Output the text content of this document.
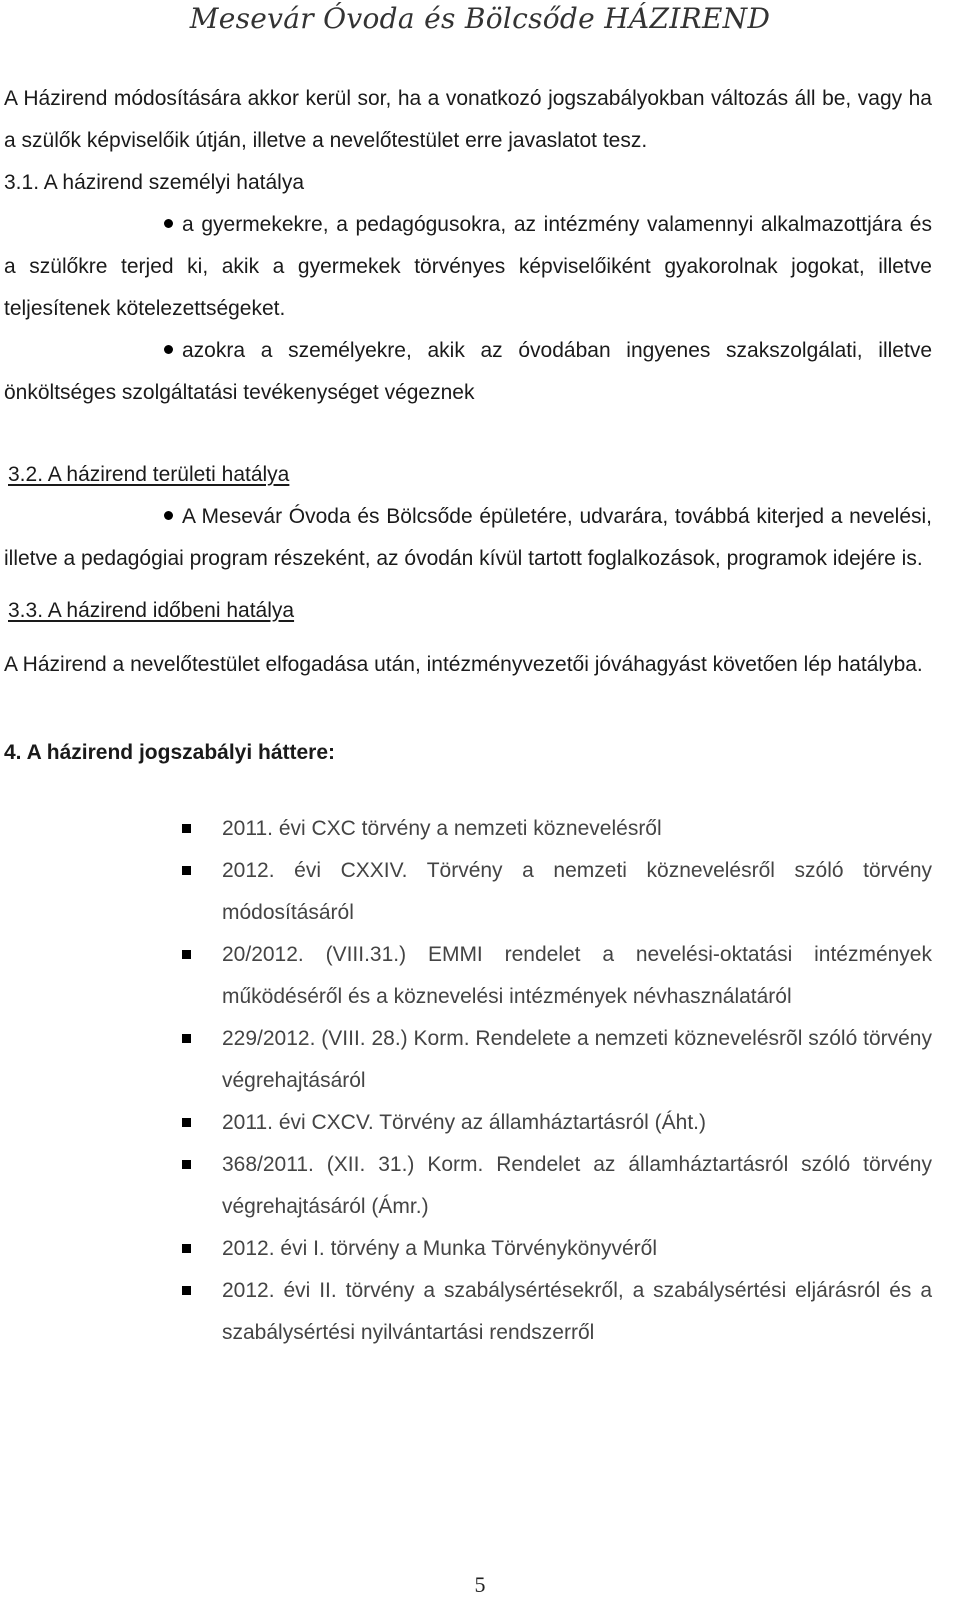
Mesevár Óvoda és Bölcsőde HÁZIREND

A Házirend módosítására akkor kerül sor, ha a vonatkozó jogszabályokban változás áll be, vagy ha a szülők képviselőik útján, illetve a nevelőtestület erre javaslatot tesz.

3.1. A házirend személyi hatálya

a gyermekekre, a pedagógusokra, az intézmény valamennyi alkalmazottjára és a szülőkre terjed ki, akik a gyermekek törvényes képviselőiként gyakorolnak jogokat, illetve teljesítenek kötelezettségeket.

azokra a személyekre, akik az óvodában ingyenes szakszolgálati, illetve önköltséges szolgáltatási tevékenységet végeznek

3.2. A házirend területi hatálya

A Mesevár Óvoda és Bölcsőde épületére, udvarára, továbbá kiterjed a nevelési, illetve a pedagógiai program részeként, az óvodán kívül tartott foglalkozások, programok idejére is.

3.3. A házirend időbeni hatálya

A Házirend a nevelőtestület elfogadása után, intézményvezetői jóváhagyást követően lép hatályba.

4. A házirend jogszabályi háttere:

2011. évi CXC törvény a nemzeti köznevelésről
2012. évi CXXIV. Törvény a nemzeti köznevelésről szóló törvény módosításáról
20/2012. (VIII.31.) EMMI rendelet a nevelési-oktatási intézmények működéséről és a köznevelési intézmények névhasználatáról
229/2012. (VIII. 28.) Korm. Rendelete a nemzeti köznevelésrõl szóló törvény végrehajtásáról
2011. évi CXCV. Törvény az államháztartásról (Áht.)
368/2011. (XII. 31.) Korm. Rendelet az államháztartásról szóló törvény végrehajtásáról (Ámr.)
2012. évi I. törvény a Munka Törvénykönyvéről
2012. évi II. törvény a szabálysértésekről, a szabálysértési eljárásról és a szabálysértési nyilvántartási rendszerről
5
